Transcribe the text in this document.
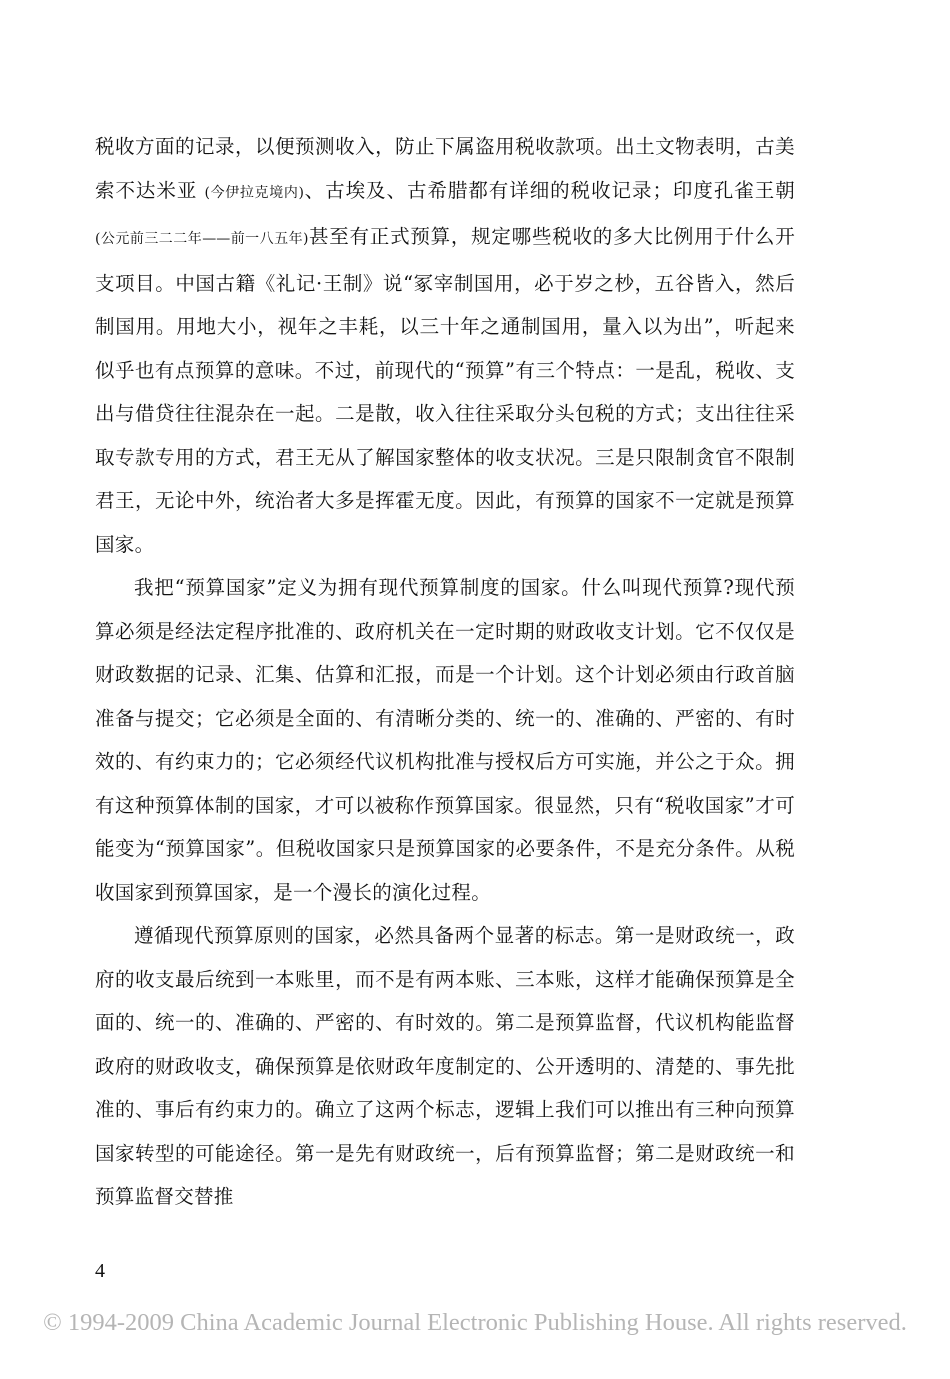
税收方面的记录，以便预测收入，防止下属盗用税收款项。出土文物表明，古美索不达米亚 (今伊拉克境内)、古埃及、古希腊都有详细的税收记录；印度孔雀王朝 (公元前三二二年——前一八五年)甚至有正式预算，规定哪些税收的多大比例用于什么开支项目。中国古籍《礼记·王制》说“冢宰制国用，必于岁之杪，五谷皆入，然后制国用。用地大小，视年之丰耗，以三十年之通制国用，量入以为出”，听起来似乎也有点预算的意味。不过，前现代的“预算”有三个特点：一是乱，税收、支出与借贷往往混杂在一起。二是散，收入往往采取分头包税的方式；支出往往采取专款专用的方式，君王无从了解国家整体的收支状况。三是只限制贪官不限制君王，无论中外，统治者大多是挥霍无度。因此，有预算的国家不一定就是预算国家。

我把“预算国家”定义为拥有现代预算制度的国家。什么叫现代预算?现代预算必须是经法定程序批准的、政府机关在一定时期的财政收支计划。它不仅仅是财政数据的记录、汇集、估算和汇报，而是一个计划。这个计划必须由行政首脑准备与提交；它必须是全面的、有清晰分类的、统一的、准确的、严密的、有时效的、有约束力的；它必须经代议机构批准与授权后方可实施，并公之于众。拥有这种预算体制的国家，才可以被称作预算国家。很显然，只有“税收国家”才可能变为“预算国家”。但税收国家只是预算国家的必要条件，不是充分条件。从税收国家到预算国家，是一个漫长的演化过程。

遵循现代预算原则的国家，必然具备两个显著的标志。第一是财政统一，政府的收支最后统到一本账里，而不是有两本账、三本账，这样才能确保预算是全面的、统一的、准确的、严密的、有时效的。第二是预算监督，代议机构能监督政府的财政收支，确保预算是依财政年度制定的、公开透明的、清楚的、事先批准的、事后有约束力的。确立了这两个标志，逻辑上我们可以推出有三种向预算国家转型的可能途径。第一是先有财政统一，后有预算监督；第二是财政统一和预算监督交替推

4
© 1994-2009 China Academic Journal Electronic Publishing House. All rights reserved.
